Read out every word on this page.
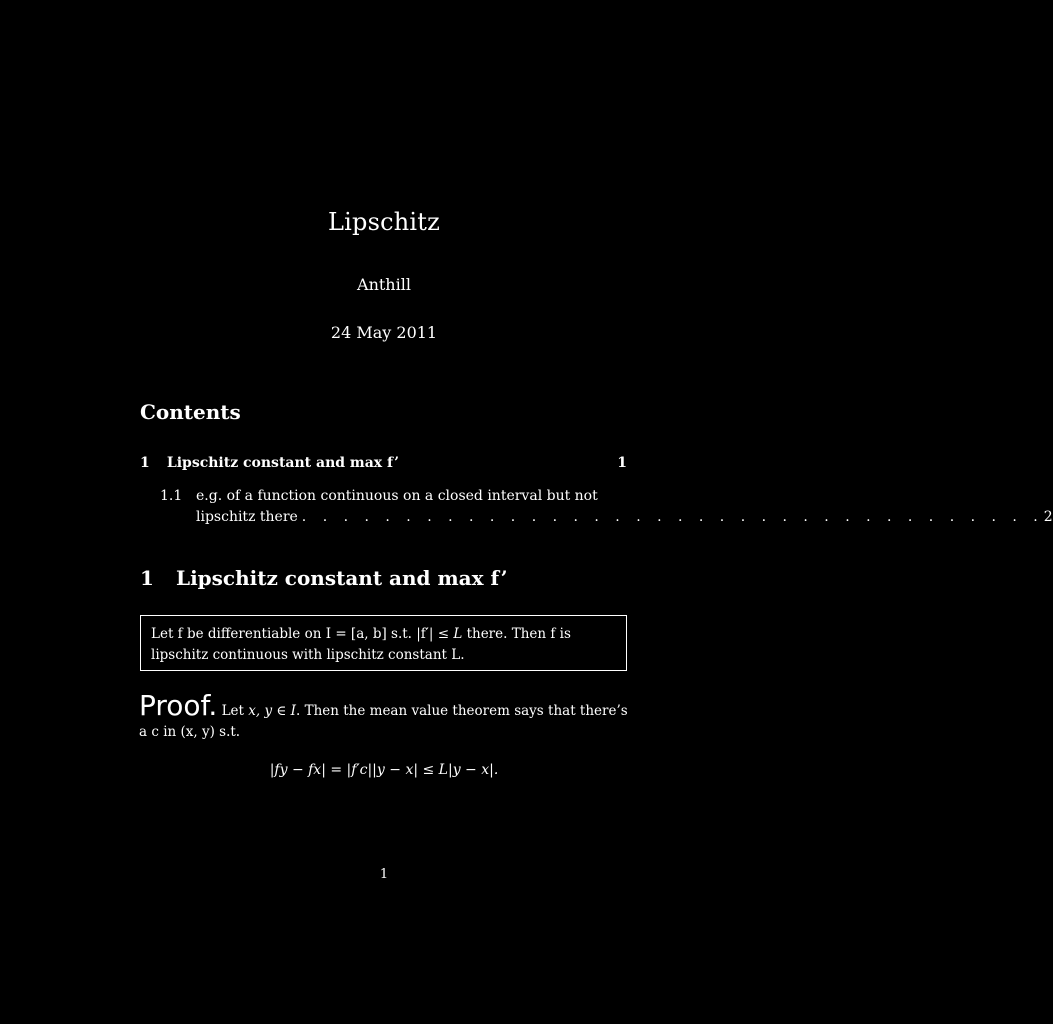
Lipschitz
Anthill
24 May 2011
Contents
1 Lipschitz constant and max f’	1
1.1 e.g. of a function continuous on a closed interval but not
lipschitz there . . . . . . . . . . . . . . . . . . . . . . . . . . . . . . . . . . . . 2
1 Lipschitz constant and max f’
Let f be differentiable on I = [a, b] s.t. |f′| ≤ L there. Then f is lipschitz continuous with lipschitz constant L.
Proof. Let x, y ∈ I. Then the mean value theorem says that there’s a c in (x, y) s.t.
|fy − fx| = |f′c||y − x| ≤ L|y − x|.
1
